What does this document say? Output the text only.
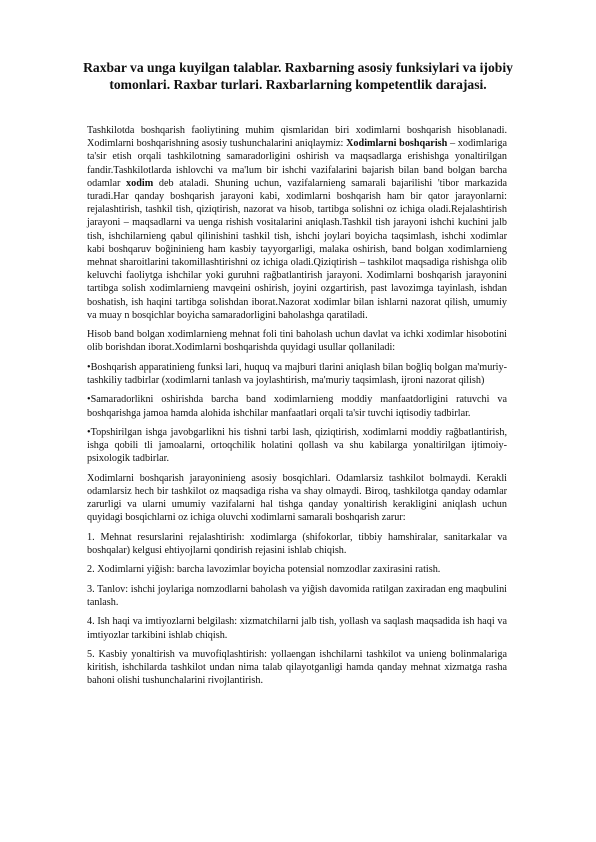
Raxbar va unga kuyilgan talablar. Raxbarning asosiy funksiylari va ijobiy tomonlari. Raxbar turlari. Raxbarlarning kompetentlik darajasi.

Tashkilotda boshqarish faoliytining muhim qismlaridan biri xodimlarni boshqarish hisoblanadi. Xodimlarni boshqarishning asosiy tushunchalarini aniqlaymiz: Xodimlarni boshqarish – xodimlariga ta'sir etish orqali tashkilotning samaradorligini oshirish va maqsadlarga erishishga yonaltirilgan fandir.Tashkilotlarda ishlovchi va ma'lum bir ishchi vazifalarini bajarish bilan band bolgan barcha odamlar xodim deb ataladi. Shuning uchun, vazifalarnieng samarali bajarilishi 'tibor markazida turadi.Har qanday boshqarish jarayoni kabi, xodimlarni boshqarish ham bir qator jarayonlarni: rejalashtirish, tashkil tish, qiziqtirish, nazorat va hisob, tartibga solishni oz ichiga oladi.Rejalashtirish jarayoni – maqsadlarni va uenga rishish vositalarini aniqlash.Tashkil tish jarayoni ishchi kuchini jalb tish, ishchilarnieng qabul qilinishini tashkil tish, ishchi joylari boyicha taqsimlash, ishchi xodimlar kabi boshqaruv boğininieng ham kasbiy tayyorgarligi, malaka oshirish, band bolgan xodimlarnieng mehnat sharoitlarini takomillashtirishni oz ichiga oladi.Qiziqtirish – tashkilot maqsadiga rishishga olib keluvchi faoliytga ishchilar yoki guruhni rağbatlantirish jarayoni. Xodimlarni boshqarish jarayonini tartibga solish xodimlarnieng mavqeini oshirish, joyini ozgartirish, past lavozimga tayinlash, ishdan boshatish, ish haqini tartibga solishdan iborat.Nazorat xodimlar bilan ishlarni nazorat qilish, umumiy va muay n bosqichlar boyicha samaradorligini baholashga qaratiladi.

Hisob band bolgan xodimlarnieng mehnat foli tini baholash uchun davlat va ichki xodimlar hisobotini olib borishdan iborat.Xodimlarni boshqarishda quyidagi usullar qollaniladi:

•Boshqarish apparatinieng funksi lari, huquq va majburi tlarini aniqlash bilan boğliq bolgan ma'muriy-tashkiliy tadbirlar (xodimlarni tanlash va joylashtirish, ma'muriy taqsimlash, ijroni nazorat qilish)

•Samaradorlikni oshirishda barcha band xodimlarnieng moddiy manfaatdorligini ratuvchi va boshqarishga jamoa hamda alohida ishchilar manfaatlari orqali ta'sir tuvchi iqtisodiy tadbirlar.

•Topshirilgan ishga javobgarlikni his tishni tarbi lash, qiziqtirish, xodimlarni moddiy rağbatlantirish, ishga qobili tli jamoalarni, ortoqchilik holatini qollash va shu kabilarga yonaltirilgan ijtimoiy-psixologik tadbirlar.

Xodimlarni boshqarish jarayoninieng asosiy bosqichlari. Odamlarsiz tashkilot bolmaydi. Kerakli odamlarsiz hech bir tashkilot oz maqsadiga risha va shay olmaydi. Biroq, tashkilotga qanday odamlar zarurligi va ularni umumiy vazifalarni hal tishga qanday yonaltirish kerakligini aniqlash uchun quyidagi bosqichlarni oz ichiga oluvchi xodimlarni samarali boshqarish zarur:

1. Mehnat resurslarini rejalashtirish: xodimlarga (shifokorlar, tibbiy hamshiralar, sanitarkalar va boshqalar) kelgusi ehtiyojlarni qondirish rejasini ishlab chiqish.

2. Xodimlarni yiğish: barcha lavozimlar boyicha potensial nomzodlar zaxirasini ratish.

3. Tanlov: ishchi joylariga nomzodlarni baholash va yiğish davomida ratilgan zaxiradan eng maqbulini tanlash.

4. Ish haqi va imtiyozlarni belgilash: xizmatchilarni jalb tish, yollash va saqlash maqsadida ish haqi va imtiyozlar tarkibini ishlab chiqish.

5. Kasbiy yonaltirish va muvofiqlashtirish: yollaengan ishchilarni tashkilot va unieng bolinmalariga kiritish, ishchilarda tashkilot undan nima talab qilayotganligi hamda qanday mehnat xizmatga rasha bahoni olishi tushunchalarini rivojlantirish.
